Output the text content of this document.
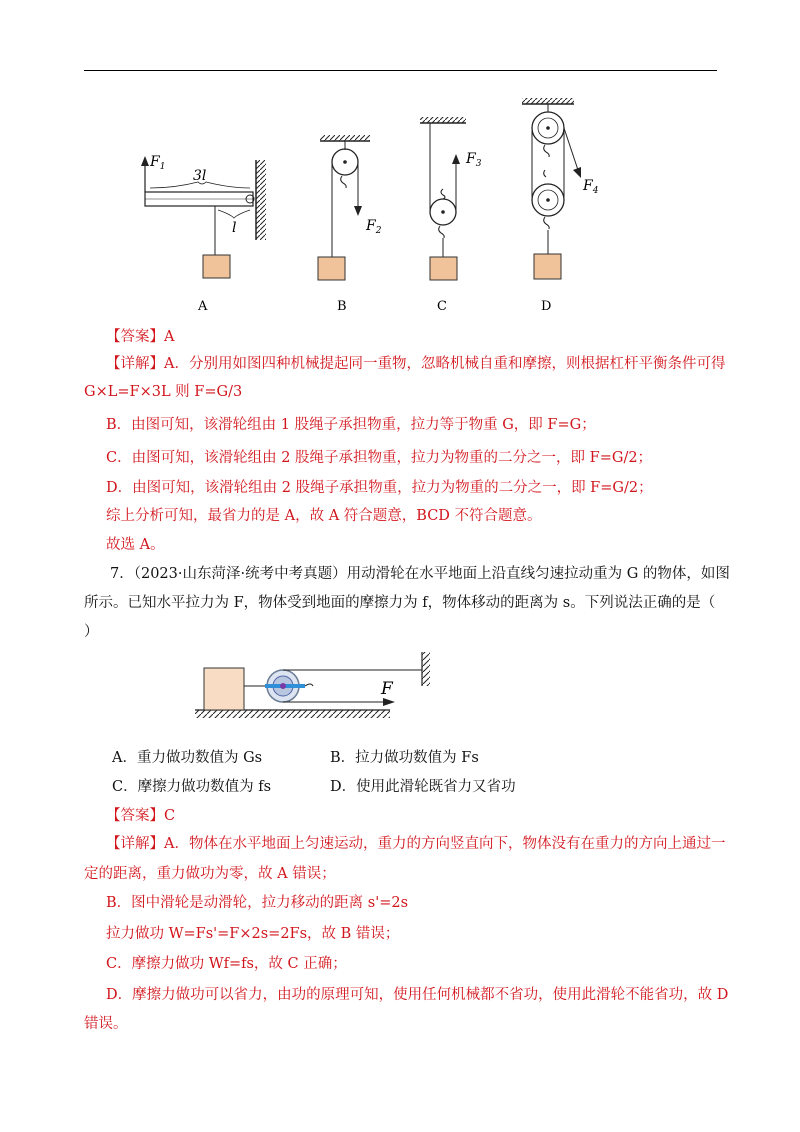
$F_1$
3l
l
A
$F_2$
B
$F_3$
C
$F_4$
D
【答案】A
【详解】A．分别用如图四种机械提起同一重物，忽略机械自重和摩擦，则根据杠杆平衡条件可得
G×L=F×3L 则 F=G/3
B．由图可知，该滑轮组由 1 股绳子承担物重，拉力等于物重 G，即 F=G；
C．由图可知，该滑轮组由 2 股绳子承担物重，拉力为物重的二分之一，即 F=G/2；
D．由图可知，该滑轮组由 2 股绳子承担物重，拉力为物重的二分之一，即 F=G/2；
综上分析可知，最省力的是 A，故 A 符合题意，BCD 不符合题意。
故选 A。
7．（2023·山东菏泽·统考中考真题）用动滑轮在水平地面上沿直线匀速拉动重为 G 的物体，如图
所示。已知水平拉力为 F，物体受到地面的摩擦力为 f，物体移动的距离为 s。下列说法正确的是（
）
F
A．重力做功数值为 Gs	B．拉力做功数值为 Fs
C．摩擦力做功数值为 fs	D．使用此滑轮既省力又省功
【答案】C
【详解】A．物体在水平地面上匀速运动，重力的方向竖直向下，物体没有在重力的方向上通过一
定的距离，重力做功为零，故 A 错误；
B．图中滑轮是动滑轮，拉力移动的距离 s'=2s
拉力做功 W=Fs'=F×2s=2Fs，故 B 错误；
C．摩擦力做功 Wf=fs，故 C 正确；
D．摩擦力做功可以省力，由功的原理可知，使用任何机械都不省功，使用此滑轮不能省功，故 D
错误。
